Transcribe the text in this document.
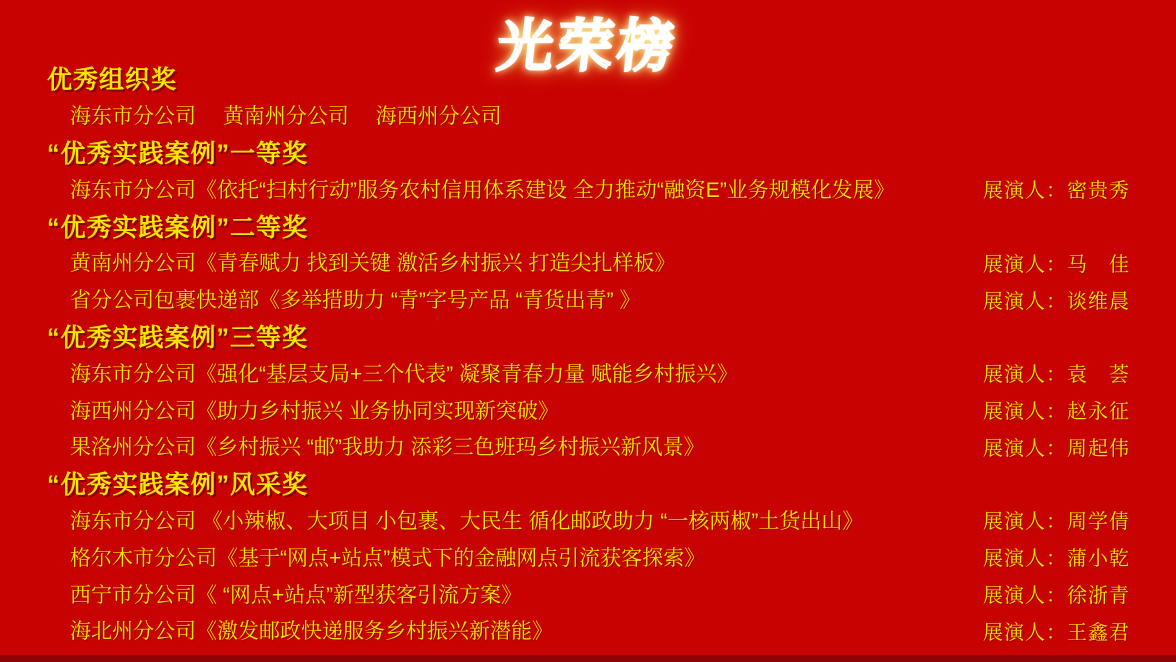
光荣榜
优秀组织奖
海东市分公司　 黄南州分公司　 海西州分公司
“优秀实践案例”一等奖
海东市分公司《依托“扫村行动”服务农村信用体系建设 全力推动“融资E”业务规模化发展》	展演人：密贵秀
“优秀实践案例”二等奖
黄南州分公司《青春赋力 找到关键 激活乡村振兴 打造尖扎样板》	展演人：马　佳
省分公司包裹快递部《多举措助力 “青”字号产品 “青货出青” 》	展演人：谈维晨
“优秀实践案例”三等奖
海东市分公司《强化“基层支局+三个代表” 凝聚青春力量 赋能乡村振兴》	展演人：袁　荟
海西州分公司《助力乡村振兴 业务协同实现新突破》	展演人：赵永征
果洛州分公司《乡村振兴 “邮”我助力 添彩三色班玛乡村振兴新风景》	展演人：周起伟
“优秀实践案例”风采奖
海东市分公司 《小辣椒、大项目 小包裹、大民生 循化邮政助力 “一核两椒”土货出山》	展演人：周学倩
格尔木市分公司《基于“网点+站点”模式下的金融网点引流获客探索》	展演人：蒲小乾
西宁市分公司《 “网点+站点”新型获客引流方案》	展演人：徐浙青
海北州分公司《激发邮政快递服务乡村振兴新潜能》	展演人：王鑫君
